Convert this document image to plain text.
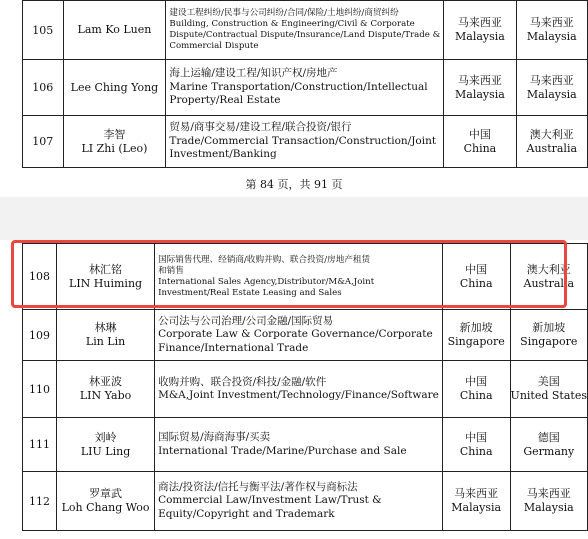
105	Lam Ko Luen	建设工程纠纷/民事与公司纠纷/合同/保险/土地纠纷/商贸纠纷
Building, Construction & Engineering/Civil & Corporate
Dispute/Contractual Dispute/Insurance/Land Dispute/Trade &
Commercial Dispute	马来西亚
Malaysia	马来西亚
Malaysia

106	Lee Ching Yong	海上运输/建设工程/知识产权/房地产
Marine Transportation/Construction/Intellectual
Property/Real Estate	马来西亚
Malaysia	马来西亚
Malaysia

107	李智
LI Zhi (Leo)	贸易/商事交易/建设工程/联合投资/银行
Trade/Commercial Transaction/Construction/Joint
Investment/Banking	中国
China	澳大利亚
Australia
第 84 页，共 91 页
108	林汇铭
LIN Huiming	国际销售代理、经销商/收购并购、联合投资/房地产租赁
和销售
International Sales Agency,Distributor/M&A,Joint
Investment/Real Estate Leasing and Sales	中国
China	澳大利亚
Australia

109	林琳
Lin Lin	公司法与公司治理/公司金融/国际贸易
Corporate Law & Corporate Governance/Corporate
Finance/International Trade	新加坡
Singapore	新加坡
Singapore

110	林亚波
LIN Yabo	收购并购、联合投资/科技/金融/软件
M&A,Joint Investment/Technology/Finance/Software	中国
China	美国
United States

111	刘岭
LIU Ling	国际贸易/海商海事/买卖
International Trade/Marine/Purchase and Sale	中国
China	德国
Germany

112	罗章武
Loh Chang Woo	商法/投资法/信托与衡平法/著作权与商标法
Commercial Law/Investment Law/Trust &
Equity/Copyright and Trademark	马来西亚
Malaysia	马来西亚
Malaysia
